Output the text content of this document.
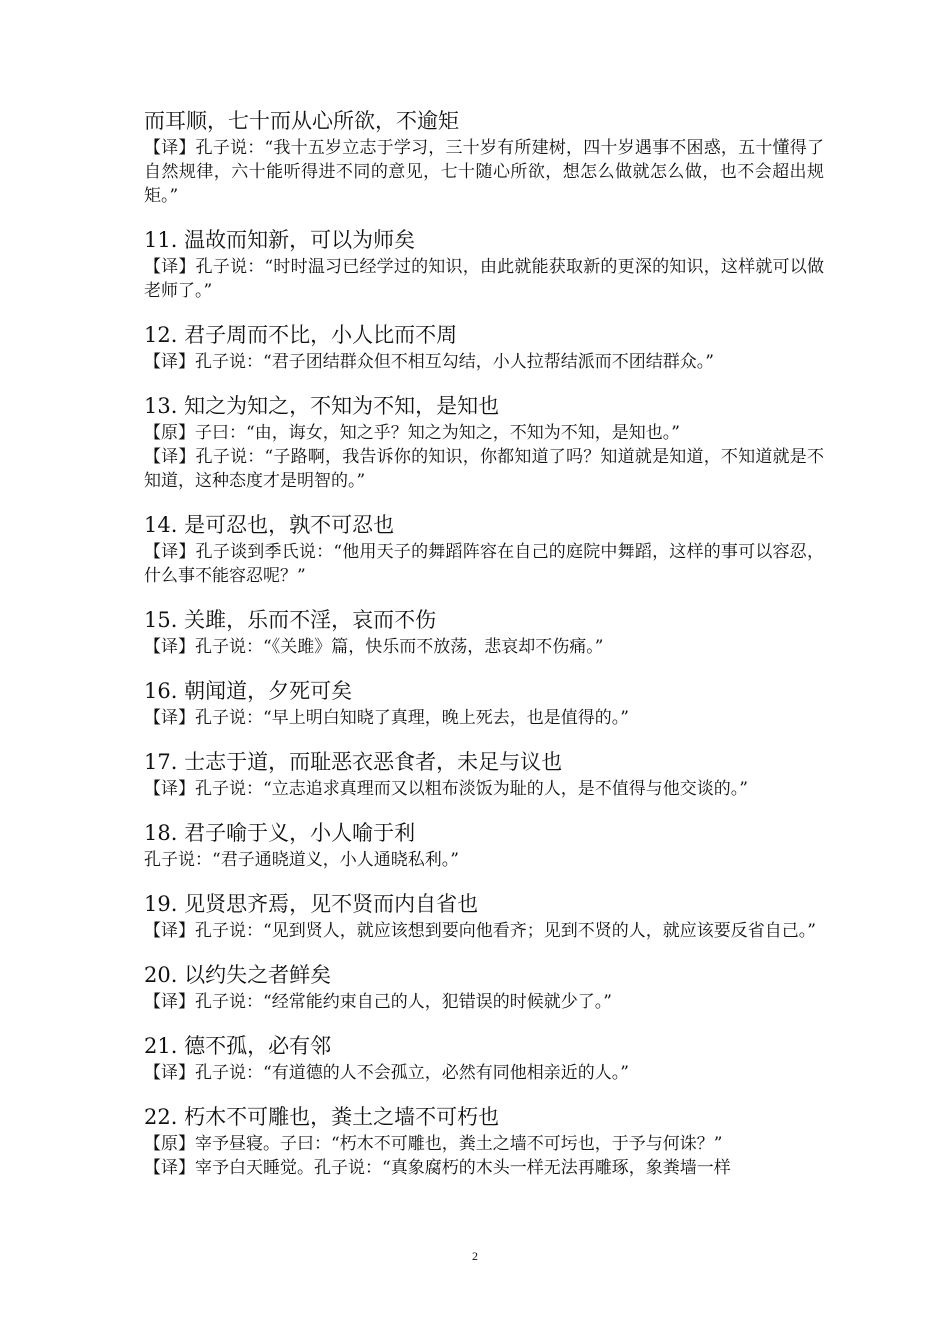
而耳顺，七十而从心所欲，不逾矩

【译】孔子说：“我十五岁立志于学习，三十岁有所建树，四十岁遇事不困惑，五十懂得了自然规律，六十能听得进不同的意见，七十随心所欲，想怎么做就怎么做，也不会超出规矩。”

11. 温故而知新，可以为师矣

【译】孔子说：“时时温习已经学过的知识，由此就能获取新的更深的知识，这样就可以做老师了。”

12. 君子周而不比，小人比而不周

【译】孔子说：“君子团结群众但不相互勾结，小人拉帮结派而不团结群众。”

13. 知之为知之，不知为不知，是知也

【原】子曰：“由，诲女，知之乎？知之为知之，不知为不知，是知也。”

【译】孔子说：“子路啊，我告诉你的知识，你都知道了吗？知道就是知道，不知道就是不知道，这种态度才是明智的。”

14. 是可忍也，孰不可忍也

【译】孔子谈到季氏说：“他用天子的舞蹈阵容在自己的庭院中舞蹈，这样的事可以容忍，什么事不能容忍呢？”

15. 关雎，乐而不淫，哀而不伤

【译】孔子说：“《关雎》篇，快乐而不放荡，悲哀却不伤痛。”

16. 朝闻道，夕死可矣

【译】孔子说：“早上明白知晓了真理，晚上死去，也是值得的。”

17. 士志于道，而耻恶衣恶食者，未足与议也

【译】孔子说：“立志追求真理而又以粗布淡饭为耻的人，是不值得与他交谈的。”

18. 君子喻于义，小人喻于利

孔子说：“君子通晓道义，小人通晓私利。”

19. 见贤思齐焉，见不贤而内自省也

【译】孔子说：“见到贤人，就应该想到要向他看齐；见到不贤的人，就应该要反省自己。”

20. 以约失之者鲜矣

【译】孔子说：“经常能约束自己的人，犯错误的时候就少了。”

21. 德不孤，必有邻

【译】孔子说：“有道德的人不会孤立，必然有同他相亲近的人。”

22. 朽木不可雕也，粪土之墙不可朽也

【原】宰予昼寝。子曰：“朽木不可雕也，粪土之墙不可圬也，于予与何诛？”

【译】宰予白天睡觉。孔子说：“真象腐朽的木头一样无法再雕琢，象粪墙一样

2
